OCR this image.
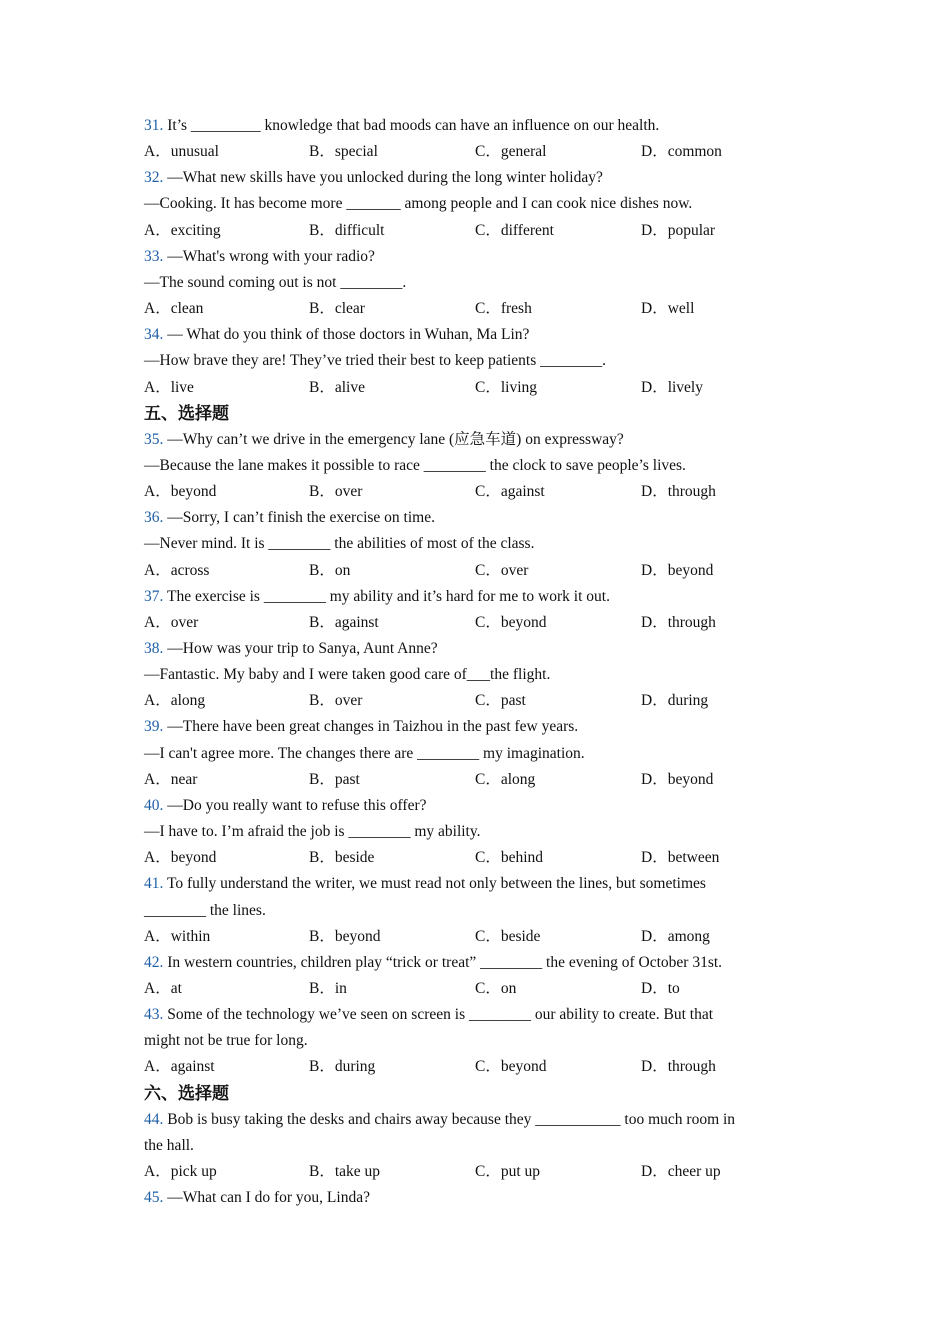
31. It’s _________ knowledge that bad moods can have an influence on our health.
A．unusual	B．special	C．general	D．common
32. —What new skills have you unlocked during the long winter holiday?
—Cooking. It has become more _______ among people and I can cook nice dishes now.
A．exciting	B．difficult	C．different	D．popular
33. —What's wrong with your radio?
—The sound coming out is not ________.
A．clean	B．clear	C．fresh	D．well
34. — What do you think of those doctors in Wuhan, Ma Lin?
—How brave they are! They’ve tried their best to keep patients ________.
A．live	B．alive	C．living	D．lively
五、选择题
35. —Why can’t we drive in the emergency lane (应急车道) on expressway?
—Because the lane makes it possible to race ________ the clock to save people’s lives.
A．beyond	B．over	C．against	D．through
36. —Sorry, I can’t finish the exercise on time.
—Never mind. It is ________ the abilities of most of the class.
A．across	B．on	C．over	D．beyond
37. The exercise is ________ my ability and it’s hard for me to work it out.
A．over	B．against	C．beyond	D．through
38. —How was your trip to Sanya, Aunt Anne?
—Fantastic. My baby and I were taken good care of___the flight.
A．along	B．over	C．past	D．during
39. —There have been great changes in Taizhou in the past few years.
—I can't agree more. The changes there are ________ my imagination.
A．near	B．past	C．along	D．beyond
40. —Do you really want to refuse this offer?
—I have to. I’m afraid the job is ________ my ability.
A．beyond	B．beside	C．behind	D．between
41. To fully understand the writer, we must read not only between the lines, but sometimes
________ the lines.
A．within	B．beyond	C．beside	D．among
42. In western countries, children play “trick or treat” ________ the evening of October 31st.
A．at	B．in	C．on	D．to
43. Some of the technology we’ve seen on screen is ________ our ability to create. But that
might not be true for long.
A．against	B．during	C．beyond	D．through
六、选择题
44. Bob is busy taking the desks and chairs away because they ___________ too much room in
the hall.
A．pick up	B．take up	C．put up	D．cheer up
45. —What can I do for you, Linda?
